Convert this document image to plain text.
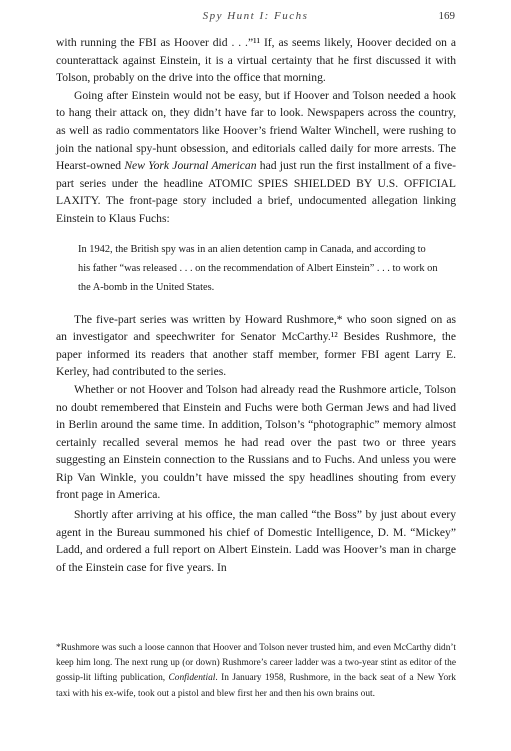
Spy Hunt I: Fuchs	169

with running the FBI as Hoover did . . .”¹¹ If, as seems likely, Hoover decided on a counterattack against Einstein, it is a virtual certainty that he first discussed it with Tolson, probably on the drive into the office that morning.

Going after Einstein would not be easy, but if Hoover and Tolson needed a hook to hang their attack on, they didn’t have far to look. Newspapers across the country, as well as radio commentators like Hoover’s friend Walter Winchell, were rushing to join the national spy-hunt obsession, and editorials called daily for more arrests. The Hearst-owned New York Journal American had just run the first installment of a five-part series under the headline ATOMIC SPIES SHIELDED BY U.S. OFFICIAL LAXITY. The front-page story included a brief, undocumented allegation linking Einstein to Klaus Fuchs:

In 1942, the British spy was in an alien detention camp in Canada, and according to his father “was released . . . on the recommendation of Albert Einstein” . . . to work on the A-bomb in the United States.

The five-part series was written by Howard Rushmore,* who soon signed on as an investigator and speechwriter for Senator McCarthy.¹² Besides Rushmore, the paper informed its readers that another staff member, former FBI agent Larry E. Kerley, had contributed to the series.

Whether or not Hoover and Tolson had already read the Rushmore article, Tolson no doubt remembered that Einstein and Fuchs were both German Jews and had lived in Berlin around the same time. In addition, Tolson’s “photographic” memory almost certainly recalled several memos he had read over the past two or three years suggesting an Einstein connection to the Russians and to Fuchs. And unless you were Rip Van Winkle, you couldn’t have missed the spy headlines shouting from every front page in America.

Shortly after arriving at his office, the man called “the Boss” by just about every agent in the Bureau summoned his chief of Domestic Intelligence, D. M. “Mickey” Ladd, and ordered a full report on Albert Einstein. Ladd was Hoover’s man in charge of the Einstein case for five years. In

*Rushmore was such a loose cannon that Hoover and Tolson never trusted him, and even McCarthy didn’t keep him long. The next rung up (or down) Rushmore’s career ladder was a two-year stint as editor of the gossip-lit lifting publication, Confidential. In January 1958, Rushmore, in the back seat of a New York taxi with his ex-wife, took out a pistol and blew first her and then his own brains out.
